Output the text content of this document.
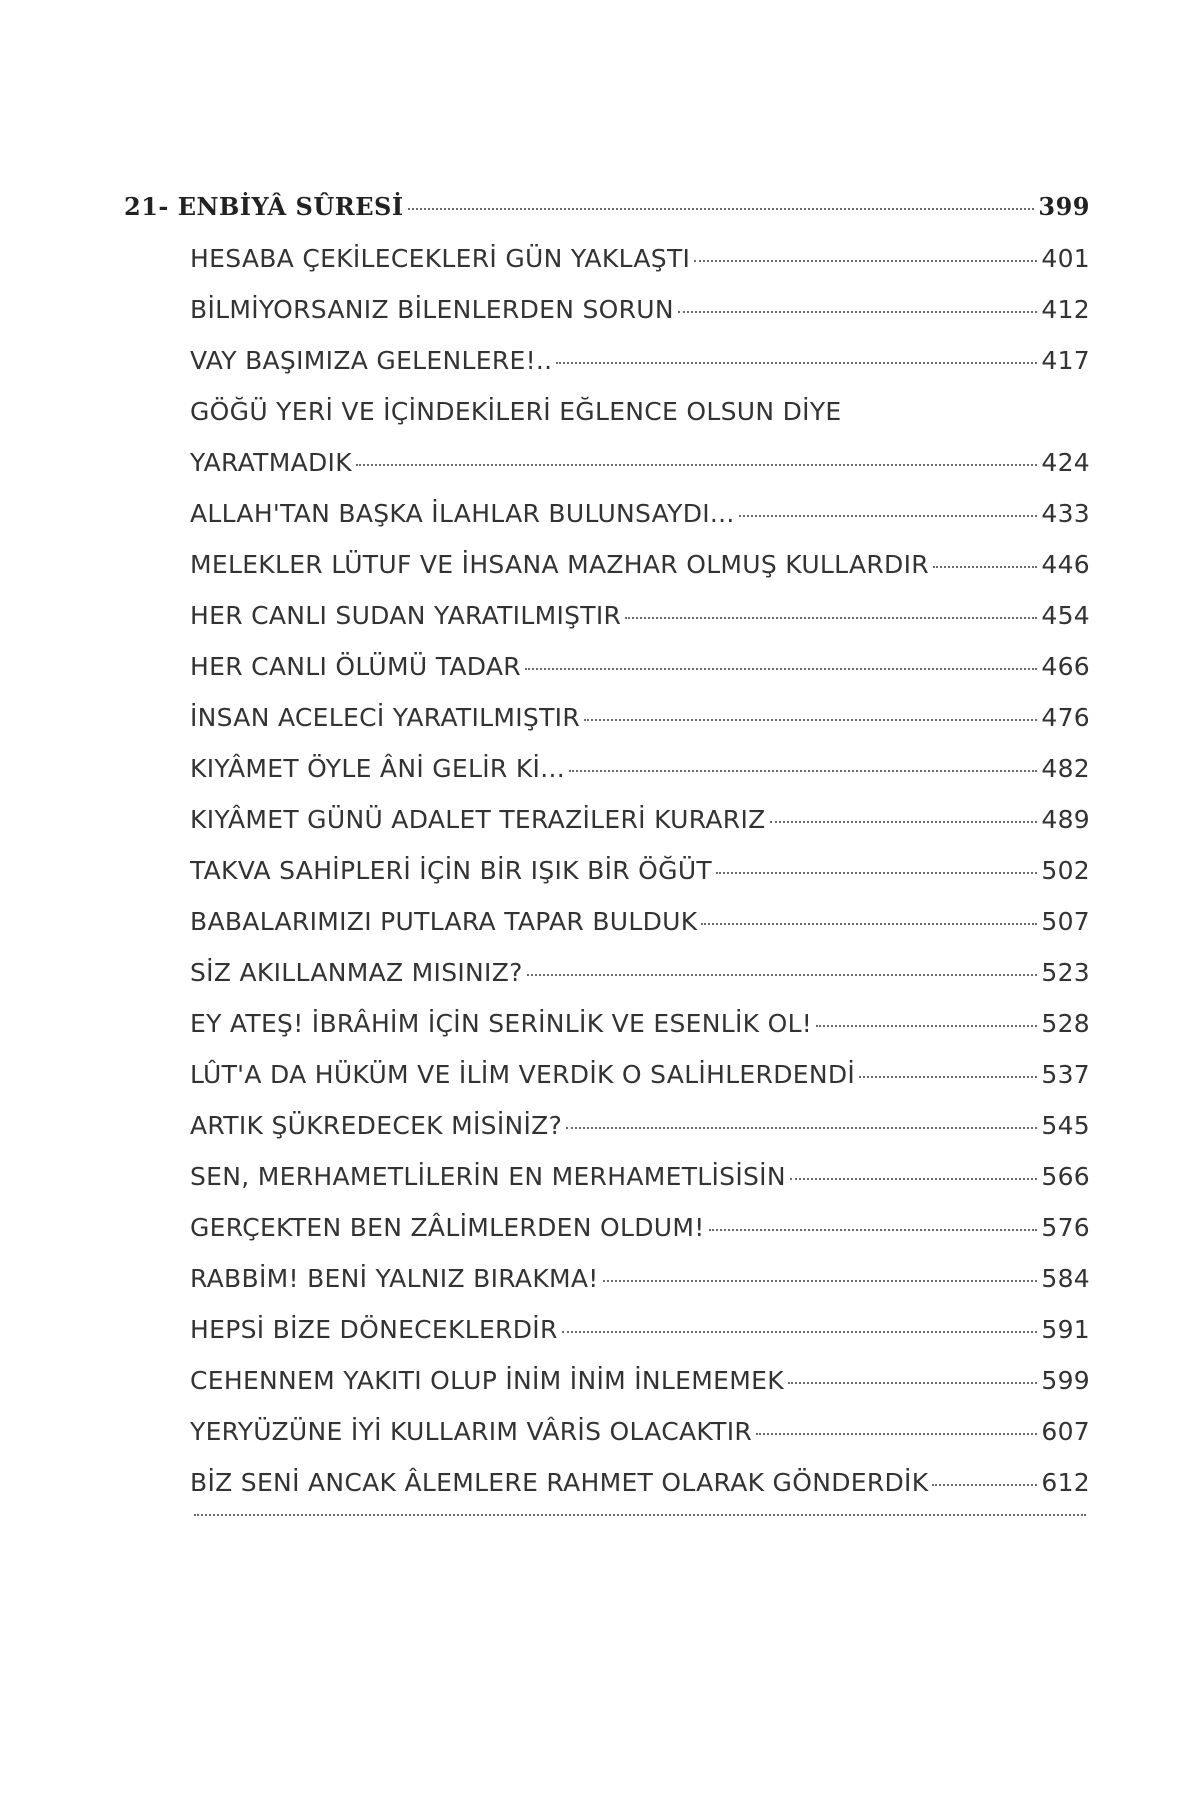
21- ENBİYÂ SÛRESİ	399
HESABA ÇEKİLECEKLERİ GÜN YAKLAŞTI	401
BİLMİYORSANIZ BİLENLERDEN SORUN	412
VAY BAŞIMIZA GELENLERE!..	417
GÖĞÜ YERİ VE İÇİNDEKİLERİ EĞLENCE OLSUN DİYE
YARATMADIK	424
ALLAH'TAN BAŞKA İLAHLAR BULUNSAYDI...	433
MELEKLER LÜTUF VE İHSANA MAZHAR OLMUŞ KULLARDIR	446
HER CANLI SUDAN YARATILMIŞTIR	454
HER CANLI ÖLÜMÜ TADAR	466
İNSAN ACELECİ YARATILMIŞTIR	476
KIYÂMET ÖYLE ÂNİ GELİR Kİ...	482
KIYÂMET GÜNÜ ADALET TERAZİLERİ KURARIZ	489
TAKVA SAHİPLERİ İÇİN BİR IŞIK BİR ÖĞÜT	502
BABALARIMIZI PUTLARA TAPAR BULDUK	507
SİZ AKILLANMAZ MISINIZ?	523
EY ATEŞ! İBRÂHİM İÇİN SERİNLİK VE ESENLİK OL!	528
LÛT'A DA HÜKÜM VE İLİM VERDİK O SALİHLERDENDİ	537
ARTIK ŞÜKREDECEK MİSİNİZ?	545
SEN, MERHAMETLİLERİN EN MERHAMETLİSİSİN	566
GERÇEKTEN BEN ZÂLİMLERDEN OLDUM!	576
RABBİM! BENİ YALNIZ BIRAKMA!	584
HEPSİ BİZE DÖNECEKLERDİR	591
CEHENNEM YAKITI OLUP İNİM İNİM İNLEMEMEK	599
YERYÜZÜNE İYİ KULLARIM VÂRİS OLACAKTIR	607
BİZ SENİ ANCAK ÂLEMLERE RAHMET OLARAK GÖNDERDİK	612
